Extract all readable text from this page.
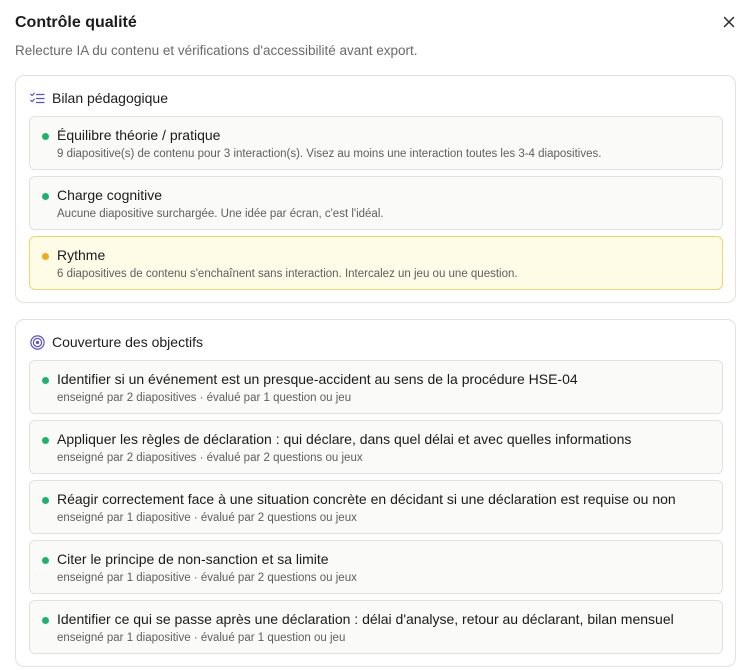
Contrôle qualité
Relecture IA du contenu et vérifications d'accessibilité avant export.
Bilan pédagogique
Équilibre théorie / pratique
9 diapositive(s) de contenu pour 3 interaction(s). Visez au moins une interaction toutes les 3-4 diapositives.
Charge cognitive
Aucune diapositive surchargée. Une idée par écran, c'est l'idéal.
Rythme
6 diapositives de contenu s'enchaînent sans interaction. Intercalez un jeu ou une question.
Couverture des objectifs
Identifier si un événement est un presque-accident au sens de la procédure HSE-04
enseigné par 2 diapositives · évalué par 1 question ou jeu
Appliquer les règles de déclaration : qui déclare, dans quel délai et avec quelles informations
enseigné par 2 diapositives · évalué par 2 questions ou jeux
Réagir correctement face à une situation concrète en décidant si une déclaration est requise ou non
enseigné par 1 diapositive · évalué par 2 questions ou jeux
Citer le principe de non-sanction et sa limite
enseigné par 1 diapositive · évalué par 2 questions ou jeux
Identifier ce qui se passe après une déclaration : délai d'analyse, retour au déclarant, bilan mensuel
enseigné par 1 diapositive · évalué par 1 question ou jeu
